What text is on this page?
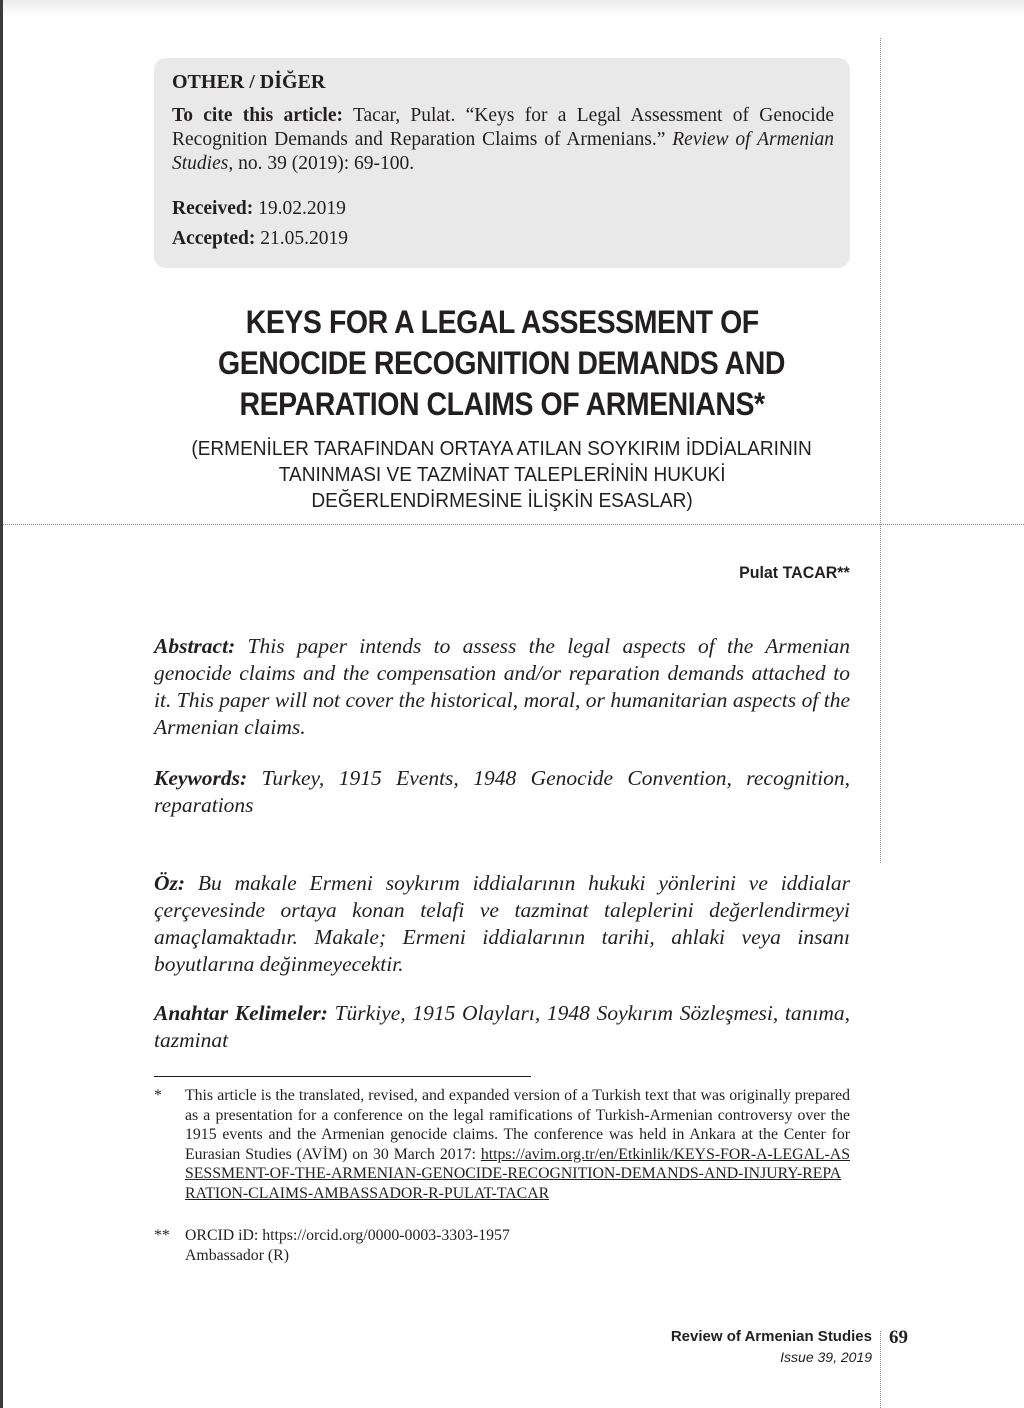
OTHER / DİĞER
To cite this article: Tacar, Pulat. “Keys for a Legal Assessment of Genocide Recognition Demands and Reparation Claims of Armenians.” Review of Armenian Studies, no. 39 (2019): 69-100.
Received: 19.02.2019
Accepted: 21.05.2019
KEYS FOR A LEGAL ASSESSMENT OF
GENOCIDE RECOGNITION DEMANDS AND
REPARATION CLAIMS OF ARMENIANS*
(ERMENİLER TARAFINDAN ORTAYA ATILAN SOYKIRIM İDDİALARININ
TANINMASI VE TAZMİNAT TALEPLERİNİN HUKUKİ
DEĞERLENDİRMESİNE İLİŞKİN ESASLAR)
Pulat TACAR**
Abstract: This paper intends to assess the legal aspects of the Armenian genocide claims and the compensation and/or reparation demands attached to it. This paper will not cover the historical, moral, or humanitarian aspects of the Armenian claims.
Keywords: Turkey, 1915 Events, 1948 Genocide Convention, recognition, reparations
Öz: Bu makale Ermeni soykırım iddialarının hukuki yönlerini ve iddialar çerçevesinde ortaya konan telafi ve tazminat taleplerini değerlendirmeyi amaçlamaktadır. Makale; Ermeni iddialarının tarihi, ahlaki veya insanı boyutlarına değinmeyecektir.
Anahtar Kelimeler: Türkiye, 1915 Olayları, 1948 Soykırım Sözleşmesi, tanıma, tazminat
* This article is the translated, revised, and expanded version of a Turkish text that was originally prepared as a presentation for a conference on the legal ramifications of Turkish-Armenian controversy over the 1915 events and the Armenian genocide claims. The conference was held in Ankara at the Center for Eurasian Studies (AVİM) on 30 March 2017: https://avim.org.tr/en/Etkinlik/KEYS-FOR-A-LEGAL-ASSESSMENT-OF-THE-ARMENIAN-GENOCIDE-RECOGNITION-DEMANDS-AND-INJURY-REPARATION-CLAIMS-AMBASSADOR-R-PULAT-TACAR
** ORCID iD: https://orcid.org/0000-0003-3303-1957
Ambassador (R)
Review of Armenian Studies
Issue 39, 2019
69
